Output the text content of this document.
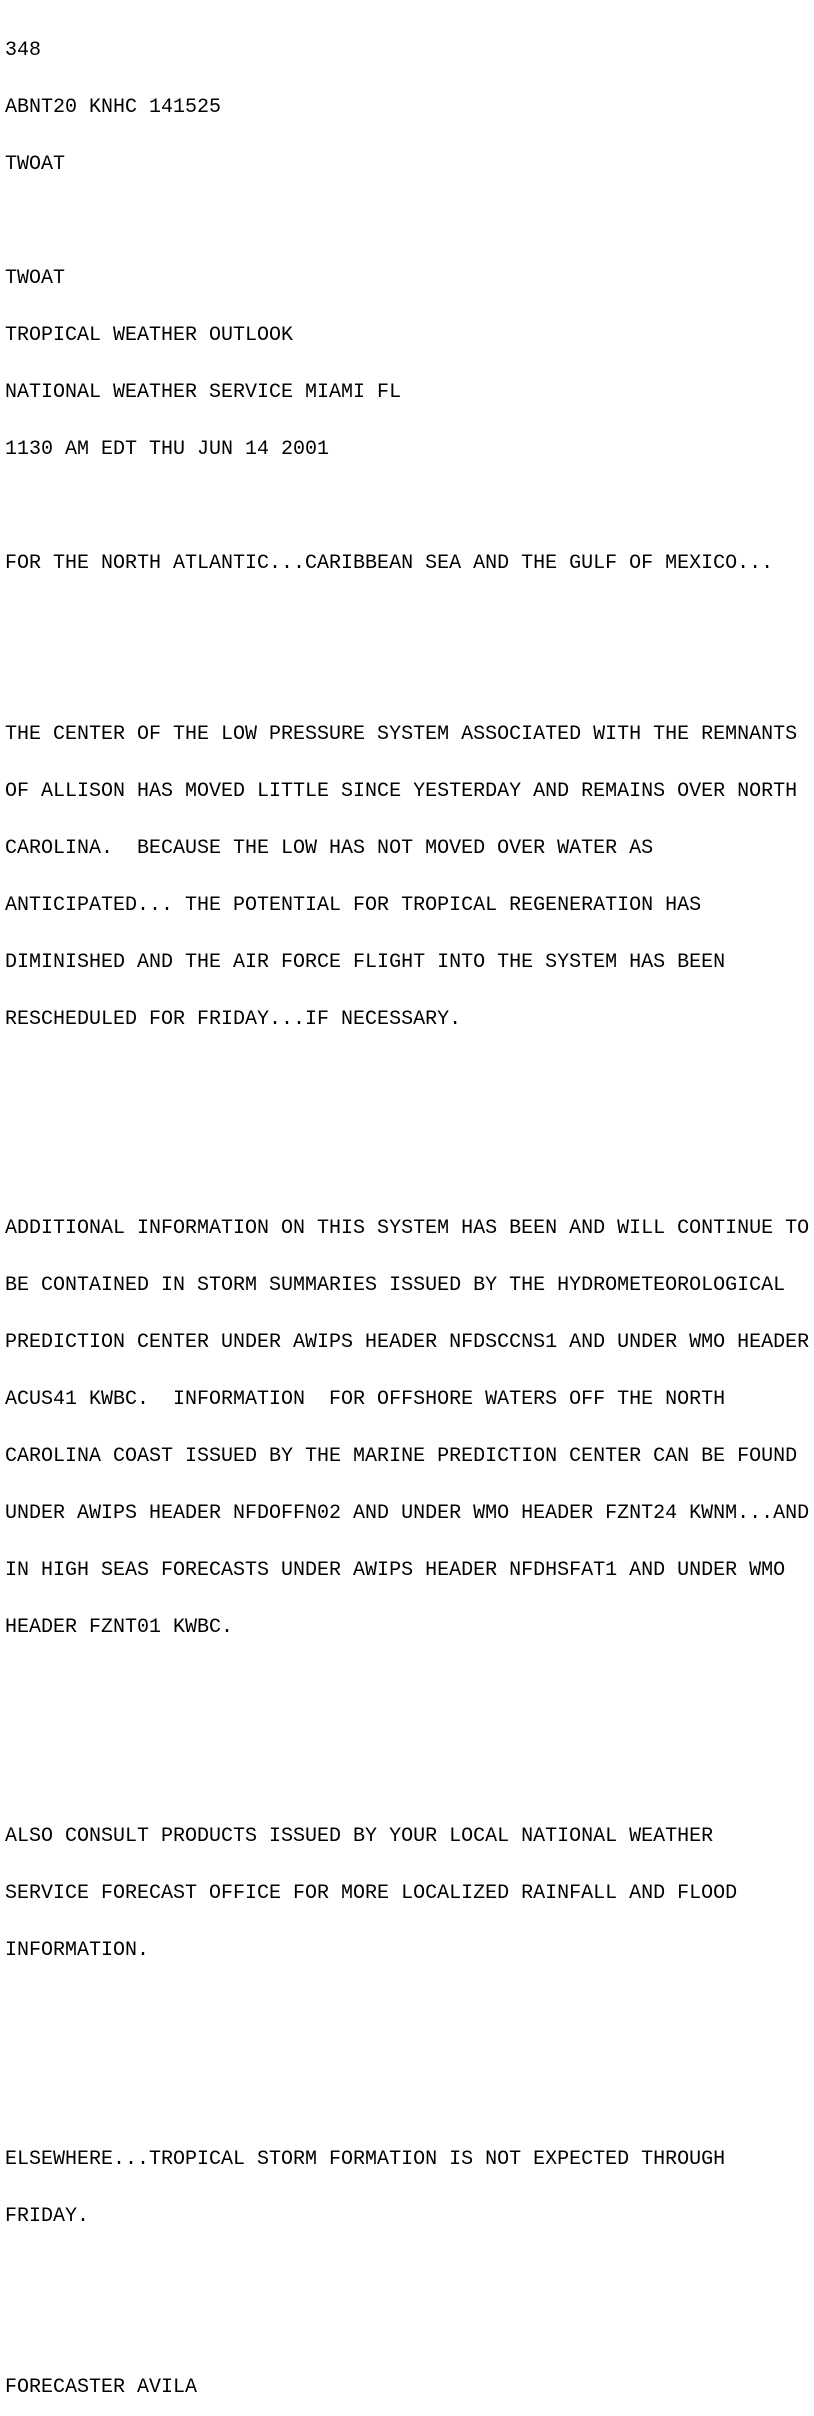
348

ABNT20 KNHC 141525

TWOAT

TWOAT

TROPICAL WEATHER OUTLOOK

NATIONAL WEATHER SERVICE MIAMI FL

1130 AM EDT THU JUN 14 2001

FOR THE NORTH ATLANTIC...CARIBBEAN SEA AND THE GULF OF MEXICO...

THE CENTER OF THE LOW PRESSURE SYSTEM ASSOCIATED WITH THE REMNANTS

OF ALLISON HAS MOVED LITTLE SINCE YESTERDAY AND REMAINS OVER NORTH

CAROLINA.  BECAUSE THE LOW HAS NOT MOVED OVER WATER AS

ANTICIPATED... THE POTENTIAL FOR TROPICAL REGENERATION HAS

DIMINISHED AND THE AIR FORCE FLIGHT INTO THE SYSTEM HAS BEEN

RESCHEDULED FOR FRIDAY...IF NECESSARY.

ADDITIONAL INFORMATION ON THIS SYSTEM HAS BEEN AND WILL CONTINUE TO

BE CONTAINED IN STORM SUMMARIES ISSUED BY THE HYDROMETEOROLOGICAL

PREDICTION CENTER UNDER AWIPS HEADER NFDSCCNS1 AND UNDER WMO HEADER

ACUS41 KWBC.  INFORMATION  FOR OFFSHORE WATERS OFF THE NORTH

CAROLINA COAST ISSUED BY THE MARINE PREDICTION CENTER CAN BE FOUND

UNDER AWIPS HEADER NFDOFFN02 AND UNDER WMO HEADER FZNT24 KWNM...AND

IN HIGH SEAS FORECASTS UNDER AWIPS HEADER NFDHSFAT1 AND UNDER WMO

HEADER FZNT01 KWBC.

ALSO CONSULT PRODUCTS ISSUED BY YOUR LOCAL NATIONAL WEATHER

SERVICE FORECAST OFFICE FOR MORE LOCALIZED RAINFALL AND FLOOD

INFORMATION.

ELSEWHERE...TROPICAL STORM FORMATION IS NOT EXPECTED THROUGH

FRIDAY.

FORECASTER AVILA
